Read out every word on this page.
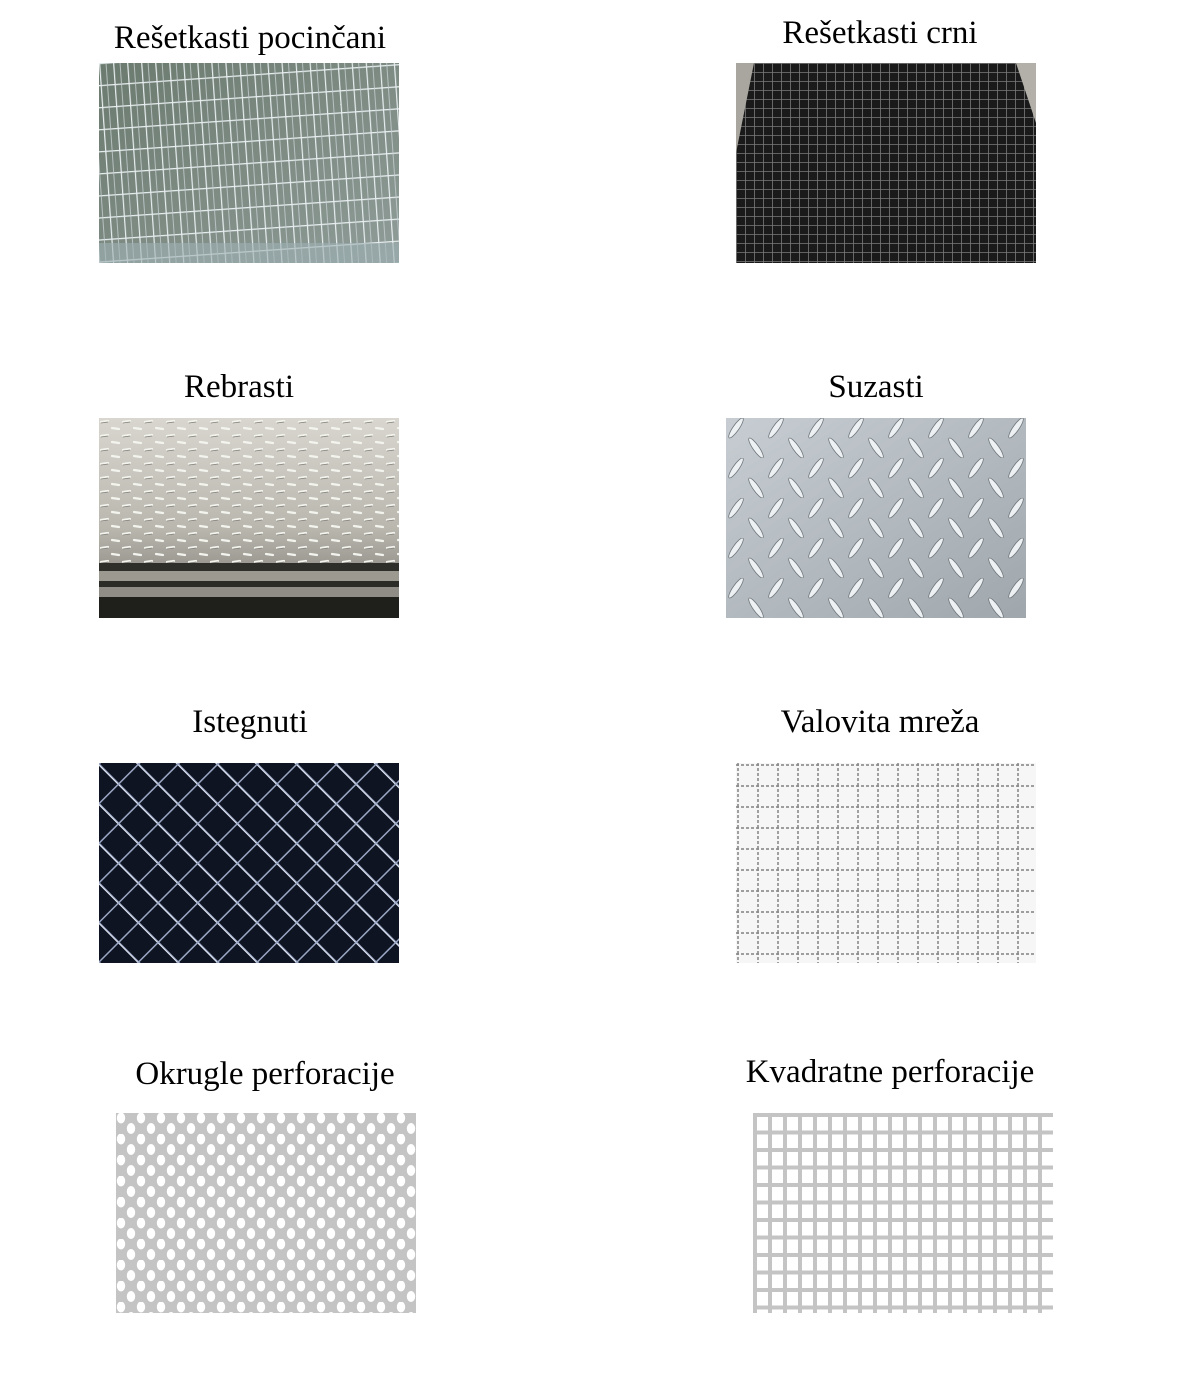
Rešetkasti pocinčani	Rešetkasti crni
Rebrasti	Suzasti
Istegnuti	Valovita mreža
Okrugle perforacije	Kvadratne perforacije
